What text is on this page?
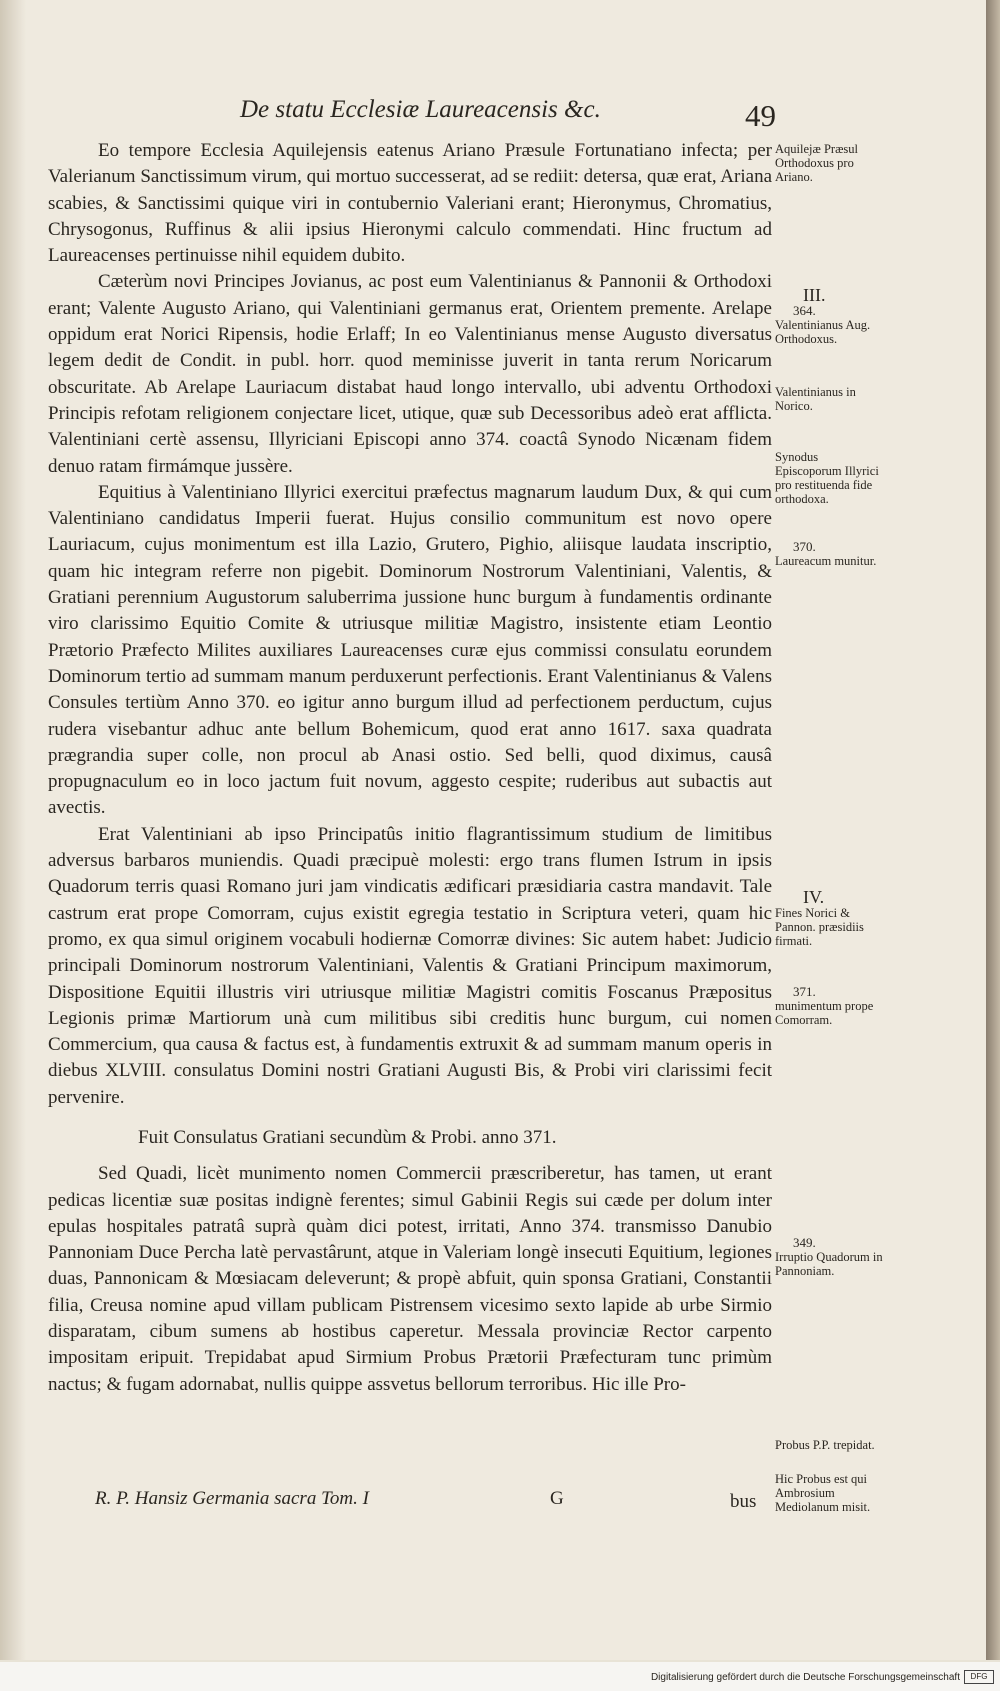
De statu Ecclesiæ Laureacensis &c.	49

Eo tempore Ecclesia Aquilejensis eatenus Ariano Præsule Fortunatiano infecta; per Valerianum Sanctissimum virum, qui mortuo successerat, ad se rediit: detersa, quæ erat, Ariana scabies, & Sanctissimi quique viri in contubernio Valeriani erant; Hieronymus, Chromatius, Chrysogonus, Ruffinus & alii ipsius Hieronymi calculo commendati. Hinc fructum ad Laureacenses pertinuisse nihil equidem dubito.

Cæterùm novi Principes Jovianus, ac post eum Valentinianus & Pannonii & Orthodoxi erant; Valente Augusto Ariano, qui Valentiniani germanus erat, Orientem premente. Arelape oppidum erat Norici Ripensis, hodie Erlaff; In eo Valentinianus mense Augusto diversatus legem dedit de Condit. in publ. horr. quod meminisse juverit in tanta rerum Noricarum obscuritate. Ab Arelape Lauriacum distabat haud longo intervallo, ubi adventu Orthodoxi Principis refotam religionem conjectare licet, utique, quæ sub Decessoribus adeò erat afflicta. Valentiniani certè assensu, Illyriciani Episcopi anno 374. coactâ Synodo Nicænam fidem denuo ratam firmámque jussère.

Equitius à Valentiniano Illyrici exercitui præfectus magnarum laudum Dux, & qui cum Valentiniano candidatus Imperii fuerat. Hujus consilio communitum est novo opere Lauriacum, cujus monimentum est illa Lazio, Grutero, Pighio, aliisque laudata inscriptio, quam hic integram referre non pigebit. Dominorum Nostrorum Valentiniani, Valentis, & Gratiani perennium Augustorum saluberrima jussione hunc burgum à fundamentis ordinante viro clarissimo Equitio Comite & utriusque militiæ Magistro, insistente etiam Leontio Prætorio Præfecto Milites auxiliares Laureacenses curæ ejus commissi consulatu eorundem Dominorum tertio ad summam manum perduxerunt perfectionis. Erant Valentinianus & Valens Consules tertiùm Anno 370. eo igitur anno burgum illud ad perfectionem perductum, cujus rudera visebantur adhuc ante bellum Bohemicum, quod erat anno 1617. saxa quadrata prægrandia super colle, non procul ab Anasi ostio. Sed belli, quod diximus, causâ propugnaculum eo in loco jactum fuit novum, aggesto cespite; ruderibus aut subactis aut avectis.

Erat Valentiniani ab ipso Principatûs initio flagrantissimum studium de limitibus adversus barbaros muniendis. Quadi præcipuè molesti: ergo trans flumen Istrum in ipsis Quadorum terris quasi Romano juri jam vindicatis ædificari præsidiaria castra mandavit. Tale castrum erat prope Comorram, cujus existit egregia testatio in Scriptura veteri, quam hic promo, ex qua simul originem vocabuli hodiernæ Comorræ divines: Sic autem habet: Judicio principali Dominorum nostrorum Valentiniani, Valentis & Gratiani Principum maximorum, Dispositione Equitii illustris viri utriusque militiæ Magistri comitis Foscanus Præpositus Legionis primæ Martiorum unà cum militibus sibi creditis hunc burgum, cui nomen Commercium, qua causa & factus est, à fundamentis extruxit & ad summam manum operis in diebus XLVIII. consulatus Domini nostri Gratiani Augusti Bis, & Probi viri clarissimi fecit pervenire.

Fuit Consulatus Gratiani secundùm & Probi. anno 371.

Sed Quadi, licèt munimento nomen Commercii præscriberetur, has tamen, ut erant pedicas licentiæ suæ positas indignè ferentes; simul Gabinii Regis sui cæde per dolum inter epulas hospitales patratâ suprà quàm dici potest, irritati, Anno 374. transmisso Danubio Pannoniam Duce Percha latè pervastârunt, atque in Valeriam longè insecuti Equitium, legiones duas, Pannonicam & Mœsiacam deleverunt; & propè abfuit, quin sponsa Gratiani, Constantii filia, Creusa nomine apud villam publicam Pistrensem vicesimo sexto lapide ab urbe Sirmio disparatam, cibum sumens ab hostibus caperetur. Messala provinciæ Rector carpento impositam eripuit. Trepidabat apud Sirmium Probus Prætorii Præfecturam tunc primùm nactus; & fugam adornabat, nullis quippe assvetus bellorum terroribus. Hic ille Pro-

Aquilejæ Præsul Orthodoxus pro Ariano.
III.
364.
Valentinianus Aug. Orthodoxus.
Valentinianus in Norico.
Synodus Episcoporum Illyrici pro restituenda fide orthodoxa.
370.
Laureacum munitur.
IV.
Fines Norici & Pannon. præsidiis firmati.
371.
munimentum prope Comorram.
349.
Irruptio Quadorum in Pannoniam.
Probus P.P. trepidat.
Hic Probus est qui Ambrosium Mediolanum misit.
R. P. Hansiz Germania sacra Tom. I	G	bus
Digitalisierung gefördert durch die Deutsche Forschungsgemeinschaft	DFG
